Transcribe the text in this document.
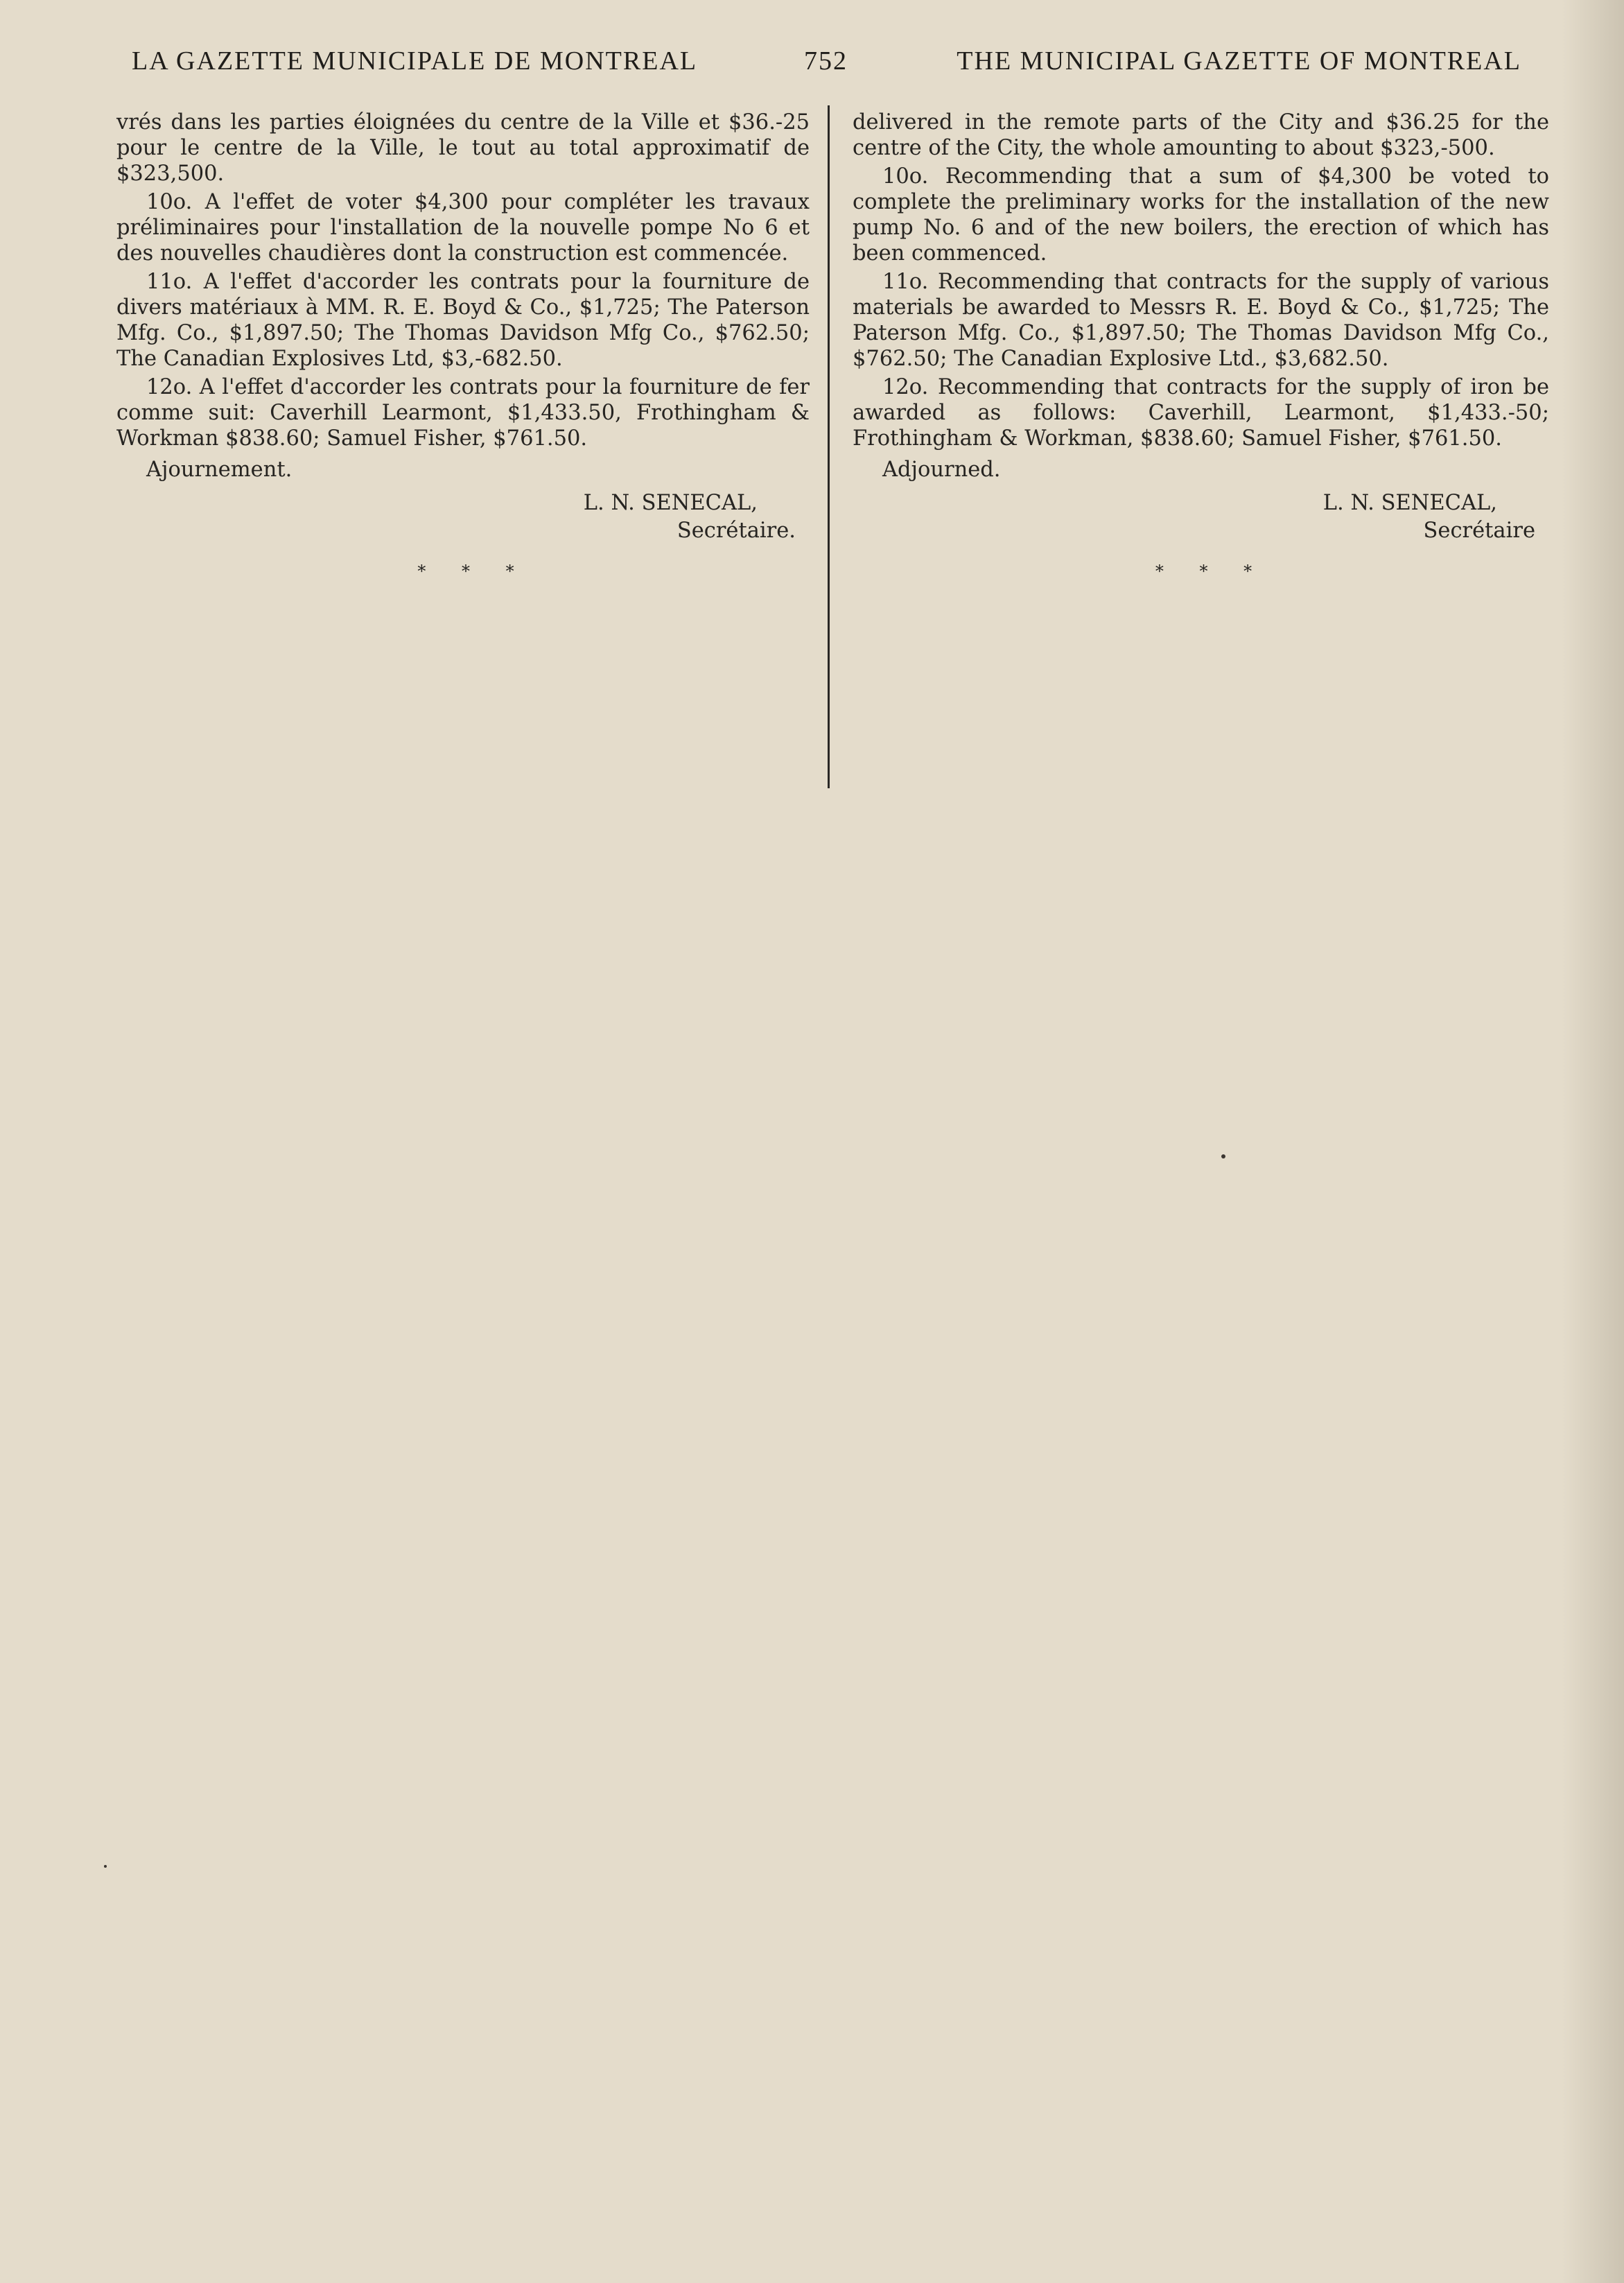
LA GAZETTE MUNICIPALE DE MONTREAL	752	THE MUNICIPAL GAZETTE OF MONTREAL

vrés dans les parties éloignées du centre de la Ville et $36.-25 pour le centre de la Ville, le tout au total approximatif de $323,500.

10o. A l'effet de voter $4,300 pour compléter les travaux préliminaires pour l'installation de la nouvelle pompe No 6 et des nouvelles chaudières dont la construction est commencée.

11o. A l'effet d'accorder les contrats pour la fourniture de divers matériaux à MM. R. E. Boyd & Co., $1,725; The Paterson Mfg. Co., $1,897.50; The Thomas Davidson Mfg Co., $762.50; The Canadian Explosives Ltd, $3,-682.50.

12o. A l'effet d'accorder les contrats pour la fourniture de fer comme suit: Caverhill Learmont, $1,433.50, Frothingham & Workman $838.60; Samuel Fisher, $761.50.

Ajournement.

L. N. SENECAL,
Secrétaire.
* * *

delivered in the remote parts of the City and $36.25 for the centre of the City, the whole amounting to about $323,-500.

10o. Recommending that a sum of $4,300 be voted to complete the preliminary works for the installation of the new pump No. 6 and of the new boilers, the erection of which has been commenced.

11o. Recommending that contracts for the supply of various materials be awarded to Messrs R. E. Boyd & Co., $1,725; The Paterson Mfg. Co., $1,897.50; The Thomas Davidson Mfg Co., $762.50; The Canadian Explosive Ltd., $3,682.50.

12o. Recommending that contracts for the supply of iron be awarded as follows: Caverhill, Learmont, $1,433.-50; Frothingham & Workman, $838.60; Samuel Fisher, $761.50.

Adjourned.

L. N. SENECAL,
Secrétaire
* * *
